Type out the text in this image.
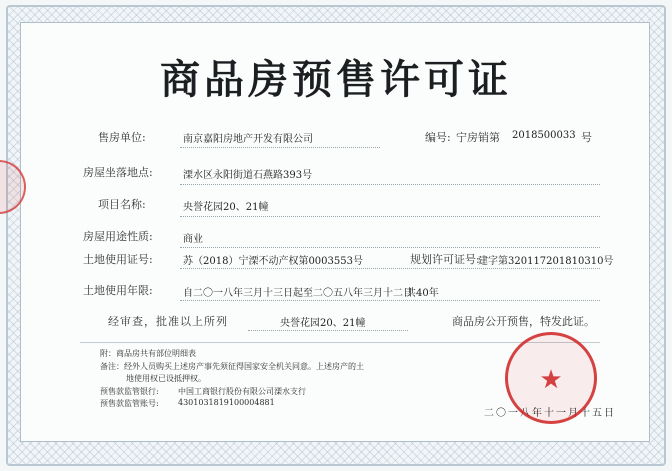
商品房预售许可证
售房单位:	南京嘉阳房地产开发有限公司	编号: 宁房销第 2018500033 号
房屋坐落地点:	溧水区永阳街道石燕路393号
项目名称:	央誉花园20、21幢
房屋用途性质:	商业
土地使用证号:	苏（2018）宁溧不动产权第0003553号	规划许可证号:
建字第320117201810310号
土地使用年限:	自二〇一八年三月十三日起至二〇五八年三月十二日
共40年
经审查，批准以上所列	央誉花园20、21幢	商品房公开预售，特发此证。
附：商品房共有部位明细表
备注：经外人员购买上述房产事先须征得国家安全机关同意。上述房产的土
地使用权已设抵押权。
预售款监管银行: 中国工商银行股份有限公司溧水支行
预售款监管账号: 4301031819100004881
二〇一八年十一月十五日
★
